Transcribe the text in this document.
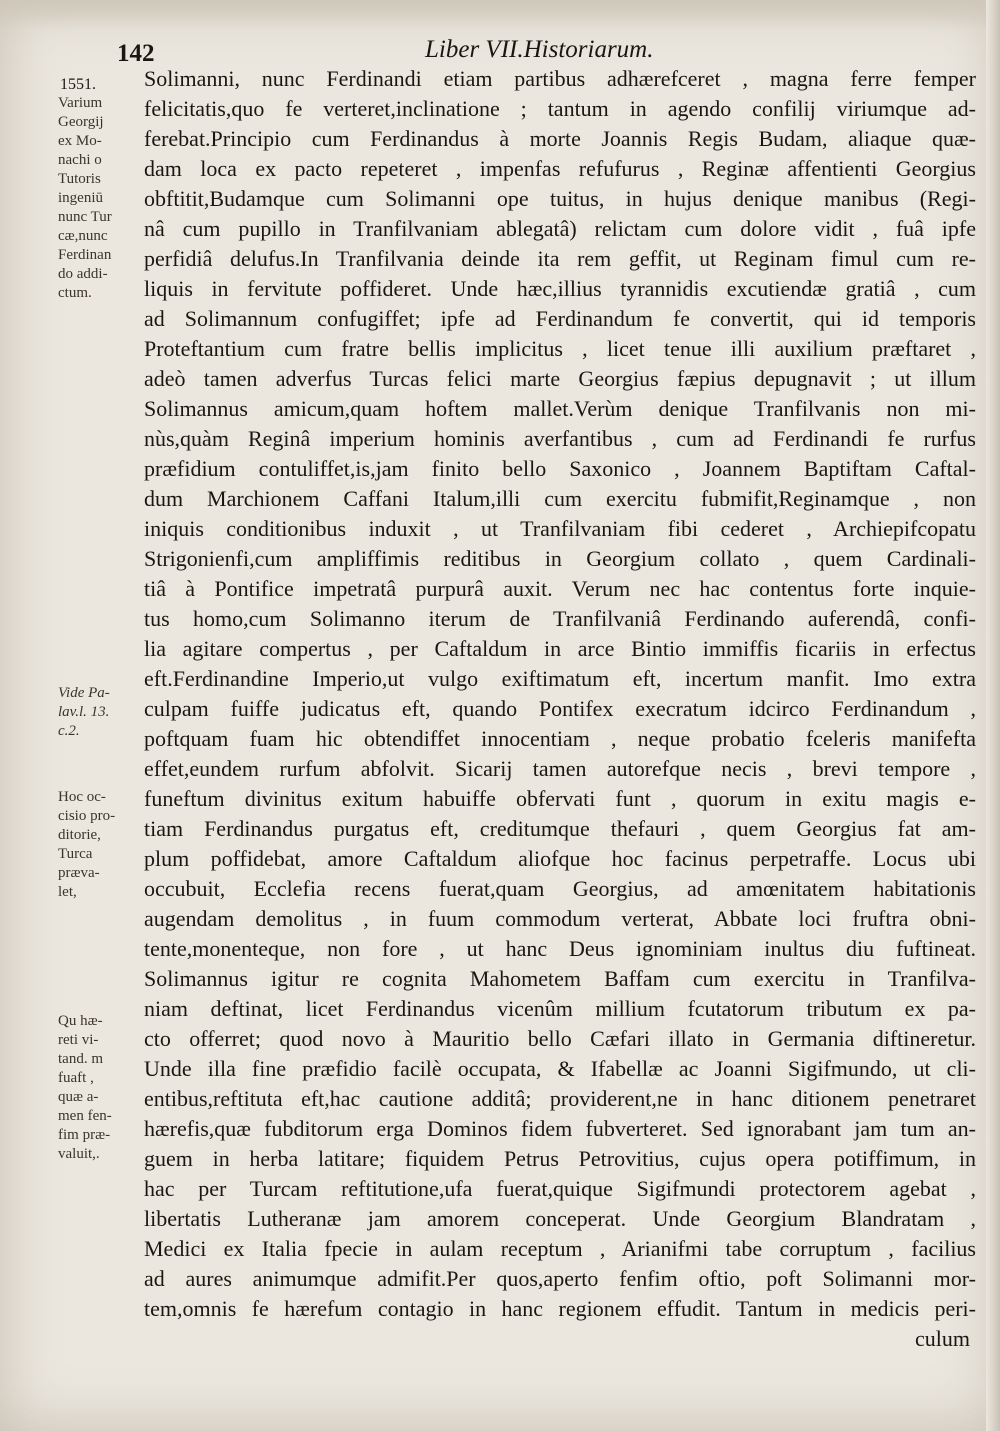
142	Liber VII.Historiarum.
1551.
Varium
Georgij
ex Mo-
nachi o
Tutoris
ingeniū
nunc Tur
cæ,nunc
Ferdinan
do addi-
ctum.
Vide Pa-
lav.l. 13.
c.2.
Hoc oc-
cisio pro-
ditorie,
Turca
præva-
let,
Qu hæ-
reti vi-
tand. m
fuaft ,
quæ a-
men fen-
fim præ-
valuit,.
Solimanni, nunc Ferdinandi etiam partibus adhærefceret , magna ferre femper
felicitatis,quo fe verteret,inclinatione ; tantum in agendo confilij viriumque ad-
ferebat.Principio cum Ferdinandus à morte Joannis Regis Budam, aliaque quæ-
dam loca ex pacto repeteret , impenfas refufurus , Reginæ affentienti Georgius
obftitit,Budamque cum Solimanni ope tuitus, in hujus denique manibus (Regi-
nâ cum pupillo in Tranfilvaniam ablegatâ) relictam cum dolore vidit , fuâ ipfe
perfidiâ delufus.In Tranfilvania deinde ita rem geffit, ut Reginam fimul cum re-
liquis in fervitute poffideret. Unde hæc,illius tyrannidis excutiendæ gratiâ , cum
ad Solimannum confugiffet; ipfe ad Ferdinandum fe convertit, qui id temporis
Proteftantium cum fratre bellis implicitus , licet tenue illi auxilium præftaret ,
adeò tamen adverfus Turcas felici marte Georgius fæpius depugnavit ; ut illum
Solimannus amicum,quam hoftem mallet.Verùm denique Tranfilvanis non mi-
nùs,quàm Reginâ imperium hominis averfantibus , cum ad Ferdinandi fe rurfus
præfidium contuliffet,is,jam finito bello Saxonico , Joannem Baptiftam Caftal-
dum Marchionem Caffani Italum,illi cum exercitu fubmifit,Reginamque , non
iniquis conditionibus induxit , ut Tranfilvaniam fibi cederet , Archiepifcopatu
Strigonienfi,cum ampliffimis reditibus in Georgium collato , quem Cardinali-
tiâ à Pontifice impetratâ purpurâ auxit. Verum nec hac contentus forte inquie-
tus homo,cum Solimanno iterum de Tranfilvaniâ Ferdinando auferendâ, confi-
lia agitare compertus , per Caftaldum in arce Bintio immiffis ficariis in erfectus
eft.Ferdinandine Imperio,ut vulgo exiftimatum eft, incertum manfit. Imo extra
culpam fuiffe judicatus eft, quando Pontifex execratum idcirco Ferdinandum ,
poftquam fuam hic obtendiffet innocentiam , neque probatio fceleris manifefta
effet,eundem rurfum abfolvit. Sicarij tamen autorefque necis , brevi tempore ,
funeftum divinitus exitum habuiffe obfervati funt , quorum in exitu magis e-
tiam Ferdinandus purgatus eft, creditumque thefauri , quem Georgius fat am-
plum poffidebat, amore Caftaldum aliofque hoc facinus perpetraffe. Locus ubi
occubuit, Ecclefia recens fuerat,quam Georgius, ad amœnitatem habitationis
augendam demolitus , in fuum commodum verterat, Abbate loci fruftra obni-
tente,monenteque, non fore , ut hanc Deus ignominiam inultus diu fuftineat.
Solimannus igitur re cognita Mahometem Baffam cum exercitu in Tranfilva-
niam deftinat, licet Ferdinandus vicenûm millium fcutatorum tributum ex pa-
cto offerret; quod novo à Mauritio bello Cæfari illato in Germania diftineretur.
Unde illa fine præfidio facilè occupata, & Ifabellæ ac Joanni Sigifmundo, ut cli-
entibus,reftituta eft,hac cautione additâ; providerent,ne in hanc ditionem penetraret
hærefis,quæ fubditorum erga Dominos fidem fubverteret. Sed ignorabant jam tum an-
guem in herba latitare; fiquidem Petrus Petrovitius, cujus opera potiffimum, in
hac per Turcam reftitutione,ufa fuerat,quique Sigifmundi protectorem agebat ,
libertatis Lutheranæ jam amorem conceperat. Unde Georgium Blandratam ,
Medici ex Italia fpecie in aulam receptum , Arianifmi tabe corruptum , facilius
ad aures animumque admifit.Per quos,aperto fenfim oftio, poft Solimanni mor-
tem,omnis fe hærefum contagio in hanc regionem effudit. Tantum in medicis peri-
culum
